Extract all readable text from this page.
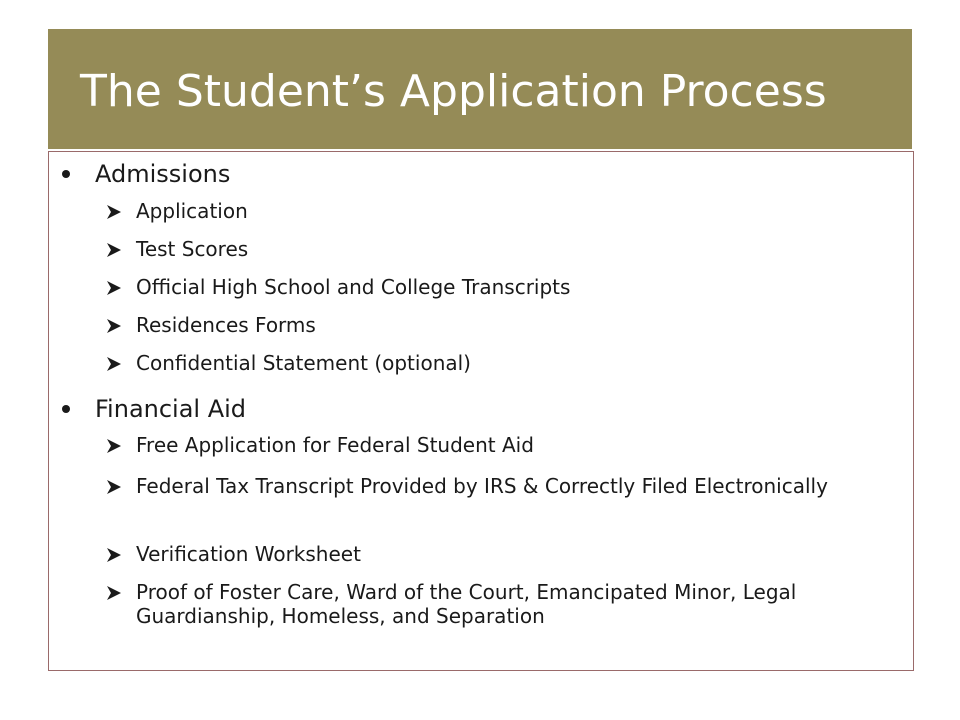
The Student’s Application Process
Admissions
Application
Test Scores
Official High School and College Transcripts
Residences Forms
Confidential Statement (optional)
Financial Aid
Free Application for Federal Student Aid
Federal Tax Transcript Provided by IRS & Correctly Filed Electronically
Verification Worksheet
Proof of Foster Care, Ward of the Court, Emancipated Minor, Legal Guardianship, Homeless, and Separation
